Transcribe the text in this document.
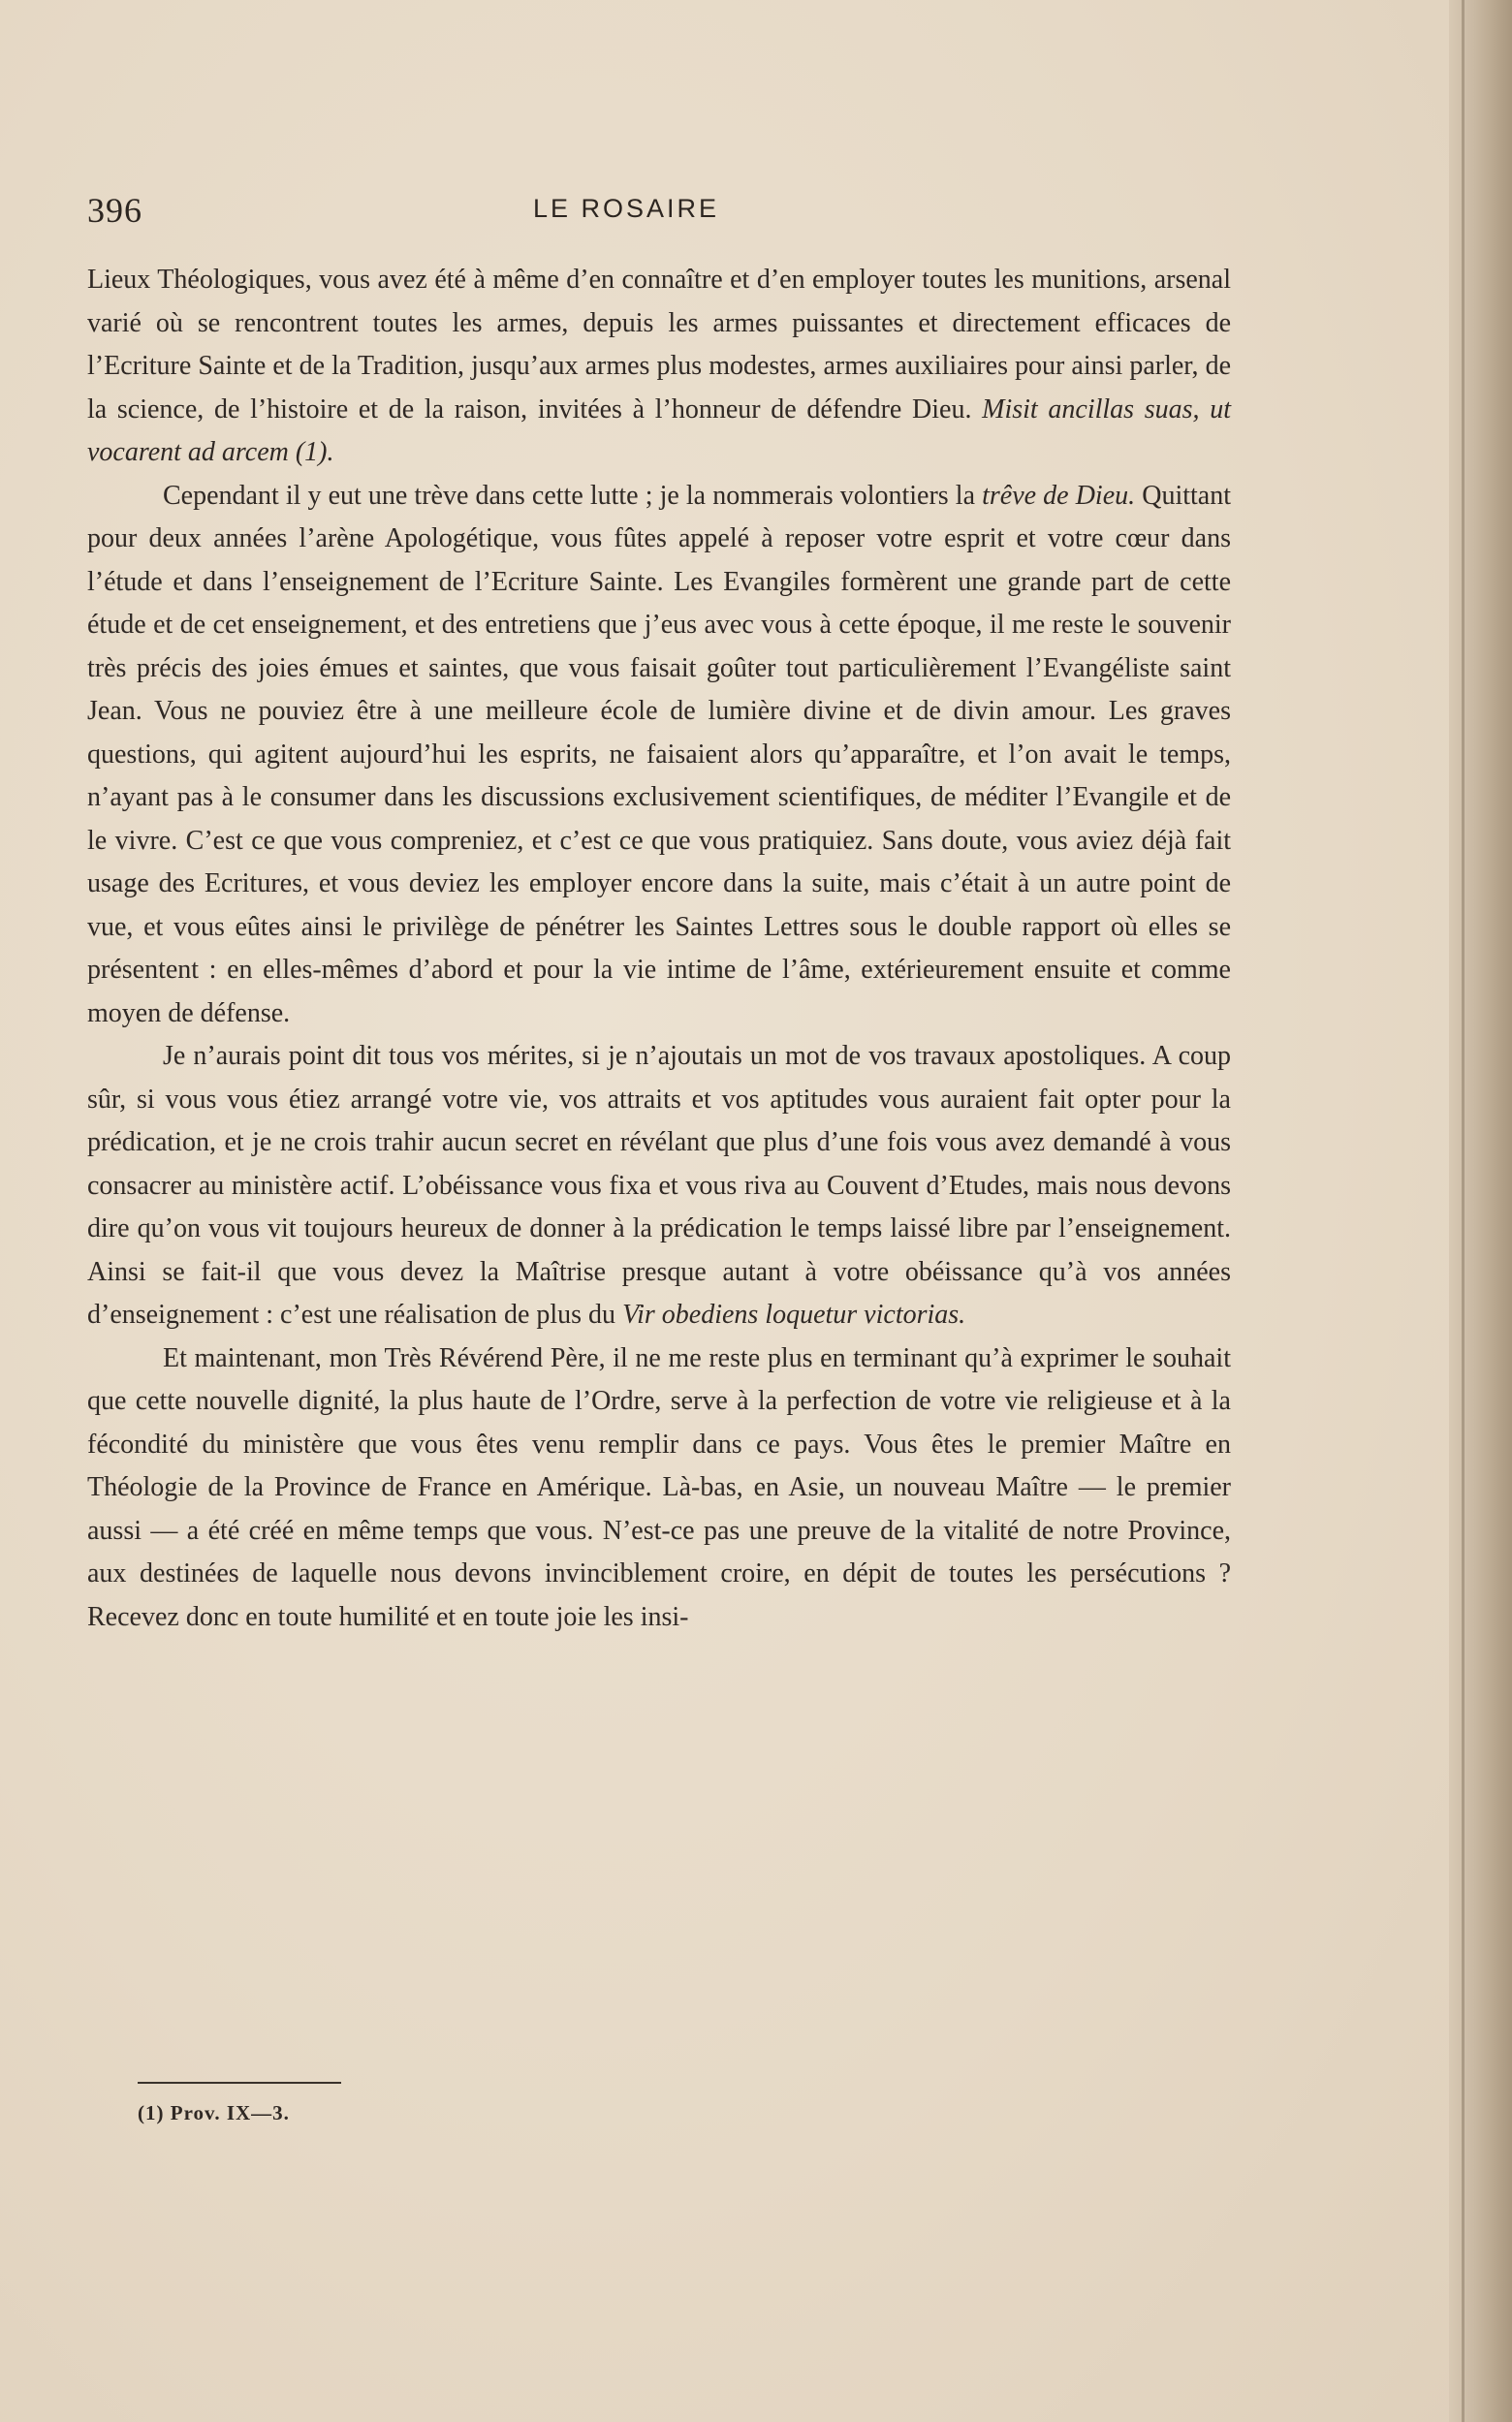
396	LE ROSAIRE

Lieux Théologiques, vous avez été à même d’en connaître et d’en employer toutes les munitions, arsenal varié où se rencontrent toutes les armes, depuis les armes puissantes et directement efficaces de l’Ecriture Sainte et de la Tradition, jusqu’aux armes plus modestes, armes auxiliaires pour ainsi parler, de la science, de l’histoire et de la raison, invitées à l’honneur de défendre Dieu. Misit ancillas suas, ut vocarent ad arcem (1).

Cependant il y eut une trève dans cette lutte ; je la nommerais volontiers la trêve de Dieu. Quittant pour deux années l’arène Apologétique, vous fûtes appelé à reposer votre esprit et votre cœur dans l’étude et dans l’enseignement de l’Ecriture Sainte. Les Evangiles formèrent une grande part de cette étude et de cet enseignement, et des entretiens que j’eus avec vous à cette époque, il me reste le souvenir très précis des joies émues et saintes, que vous faisait goûter tout particulièrement l’Evangéliste saint Jean. Vous ne pouviez être à une meilleure école de lumière divine et de divin amour. Les graves questions, qui agitent aujourd’hui les esprits, ne faisaient alors qu’apparaître, et l’on avait le temps, n’ayant pas à le consumer dans les discussions exclusivement scientifiques, de méditer l’Evangile et de le vivre. C’est ce que vous compreniez, et c’est ce que vous pratiquiez. Sans doute, vous aviez déjà fait usage des Ecritures, et vous deviez les employer encore dans la suite, mais c’était à un autre point de vue, et vous eûtes ainsi le privilège de pénétrer les Saintes Lettres sous le double rapport où elles se présentent : en elles-mêmes d’abord et pour la vie intime de l’âme, extérieurement ensuite et comme moyen de défense.

Je n’aurais point dit tous vos mérites, si je n’ajoutais un mot de vos travaux apostoliques. A coup sûr, si vous vous étiez arrangé votre vie, vos attraits et vos aptitudes vous auraient fait opter pour la prédication, et je ne crois trahir aucun secret en révélant que plus d’une fois vous avez demandé à vous consacrer au ministère actif. L’obéissance vous fixa et vous riva au Couvent d’Etudes, mais nous devons dire qu’on vous vit toujours heureux de donner à la prédication le temps laissé libre par l’enseignement. Ainsi se fait-il que vous devez la Maîtrise presque autant à votre obéissance qu’à vos années d’enseignement : c’est une réalisation de plus du Vir obediens loquetur victorias.

Et maintenant, mon Très Révérend Père, il ne me reste plus en terminant qu’à exprimer le souhait que cette nouvelle dignité, la plus haute de l’Ordre, serve à la perfection de votre vie religieuse et à la fécondité du ministère que vous êtes venu remplir dans ce pays. Vous êtes le premier Maître en Théologie de la Province de France en Amérique. Là-bas, en Asie, un nouveau Maître — le premier aussi — a été créé en même temps que vous. N’est-ce pas une preuve de la vitalité de notre Province, aux destinées de laquelle nous devons invinciblement croire, en dépit de toutes les persécutions ? Recevez donc en toute humilité et en toute joie les insi-

(1) Prov. IX—3.
